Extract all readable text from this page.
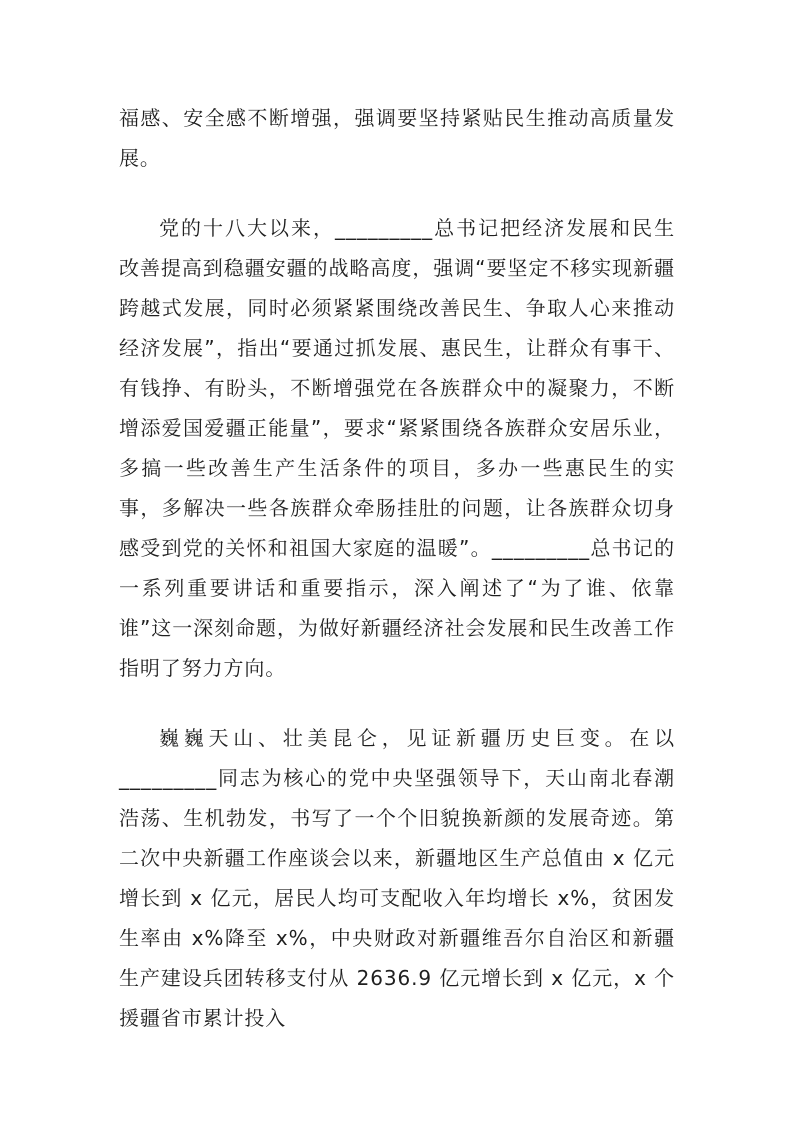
福感、安全感不断增强，强调要坚持紧贴民生推动高质量发展。

党的十八大以来，_________总书记把经济发展和民生改善提高到稳疆安疆的战略高度，强调“要坚定不移实现新疆跨越式发展，同时必须紧紧围绕改善民生、争取人心来推动经济发展”，指出“要通过抓发展、惠民生，让群众有事干、有钱挣、有盼头，不断增强党在各族群众中的凝聚力，不断增添爱国爱疆正能量”，要求“紧紧围绕各族群众安居乐业，多搞一些改善生产生活条件的项目，多办一些惠民生的实事，多解决一些各族群众牵肠挂肚的问题，让各族群众切身感受到党的关怀和祖国大家庭的温暖”。_________总书记的一系列重要讲话和重要指示，深入阐述了“为了谁、依靠谁”这一深刻命题，为做好新疆经济社会发展和民生改善工作指明了努力方向。

巍巍天山、壮美昆仑，见证新疆历史巨变。在以_________同志为核心的党中央坚强领导下，天山南北春潮浩荡、生机勃发，书写了一个个旧貌换新颜的发展奇迹。第二次中央新疆工作座谈会以来，新疆地区生产总值由 x 亿元增长到 x 亿元，居民人均可支配收入年均增长 x%，贫困发生率由 x%降至 x%，中央财政对新疆维吾尔自治区和新疆生产建设兵团转移支付从 2636.9 亿元增长到 x 亿元，x 个援疆省市累计投入
